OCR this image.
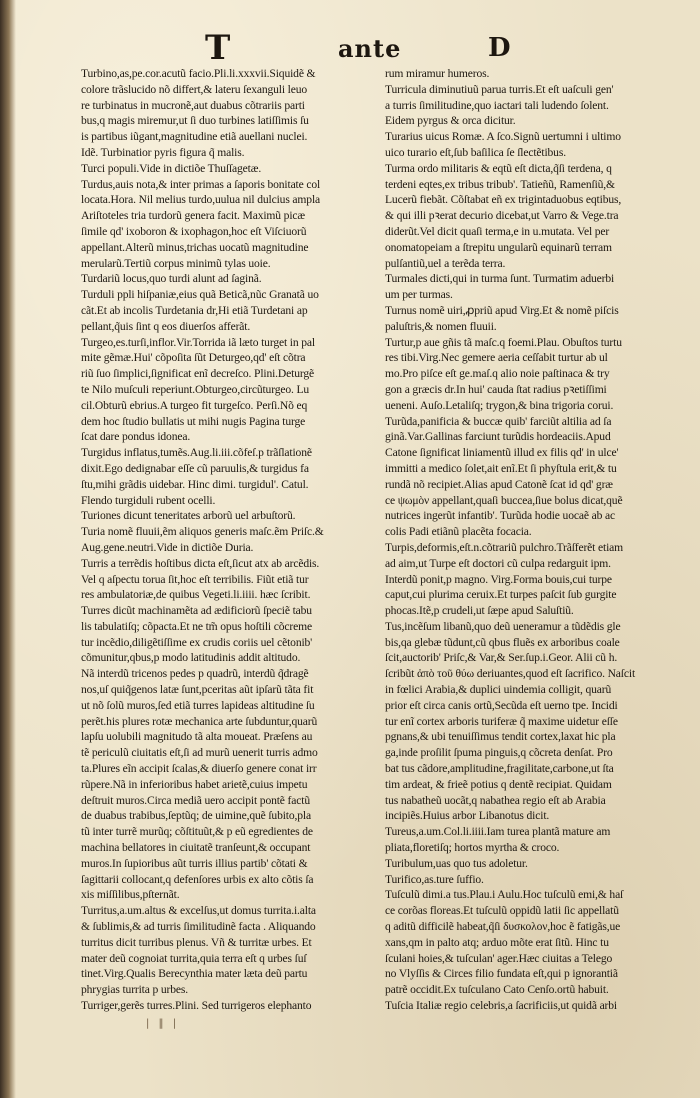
T	ante	D
Turbino,as,pe.cor.acutũ facio.Pli.li.xxxvii.Siquidẽ &
colore trãslucido nõ differt,& lateru ſexanguli leuo
re turbinatus in mucronẽ,aut duabus cõtrariis parti
bus,q magis miremur,ut ſi duo turbines latiſſimis ſu
is partibus iũgant,magnitudine etiã auellani nuclei.
Idẽ. Turbinatior pyris figura q̃ malis.
Turci populi.Vide in dictiõe Thuſſagetæ.
Turdus,auis nota,& inter primas a ſaporis bonitate col
locata.Hora. Nil melius turdo,uulua nil dulcius ampla
Ariſtoteles tria turdorũ genera facit. Maximũ picæ
ſimile qd' ixoboron & ixophagon,hoc eſt Viſciuorũ
appellant.Alterũ minus,trichas uocatũ magnitudine
merularũ.Tertiũ corpus minimũ tylas uoie.
Turdariũ locus,quo turdi alunt ad ſaginã.
Turduli ppli hiſpaniæ,eius quã Beticã,nũc Granatã uo
cãt.Et ab incolis Turdetania dr,Hi etiã Turdetani ap
pellant,q̃uis ſint q eos diuerſos afferãt.
Turgeo,es.turſi,inflor.Vir.Torrida iã læto turget in pal
mite gẽmæ.Hui' cõpoſita ſũt Deturgeo,qd' eſt cõtra
riũ ſuo ſimplici,ſignificat enĩ decreſco. Plini.Deturgẽ
te Nilo muſculi reperiunt.Obturgeo,circũturgeo. Lu
cil.Obturũ ebrius.A turgeo fit turgeſco. Perſi.Nõ eq
dem hoc ſtudio bullatis ut mihi nugis Pagina turge
ſcat dare pondus idonea.
Turgidus inflatus,tumẽs.Aug.li.iii.cõfeſ.p trãſlationẽ
dixit.Ego dedignabar eſſe cũ paruulis,& turgidus fa
ſtu,mihi grãdis uidebar. Hinc dimi. turgidul'. Catul.
Flendo turgiduli rubent ocelli.
Turiones dicunt teneritates arborũ uel arbuſtorũ.
Turia nomẽ fluuii,ẽm aliquos generis maſc.ẽm Priſc.&
Aug.gene.neutri.Vide in dictiõe Duria.
Turris a terrẽdis hoſtibus dicta eſt,ſicut atx ab arcẽdis.
Vel q aſpectu torua ſit,hoc eſt terribilis. Fiũt etiã tur
res ambulatoriæ,de quibus Vegeti.li.iiii. hæc ſcribit.
Turres dicũt machinamẽta ad ædificiorũ ſpeciẽ tabu
lis tabulatiſq; cõpacta.Et ne tm̃ opus hoſtili cõcreme
tur incẽdio,diligẽtiſſime ex crudis coriis uel cẽtonib'
cõmunitur,qbus,p modo latitudinis addit altitudo.
Nã interdũ tricenos pedes p quadrũ, interdũ q̃dragẽ
nos,uſ quiq̃genos latæ ſunt,pceritas aũt ipſarũ tãta fit
ut nõ ſolũ muros,ſed etiã turres lapideas altitudine ſu
perẽt.his plures rotæ mechanica arte ſubduntur,quarũ
lapſu uolubili magnitudo tã alta moueat. Præſens au
tẽ periculũ ciuitatis eſt,ſi ad murũ uenerit turris admo
ta.Plures eĩn accipit ſcalas,& diuerſo genere conat irr
rũpere.Nã in inferioribus habet arietẽ,cuius impetu
deſtruit muros.Circa mediã uero accipit pontẽ factũ
de duabus trabibus,ſeptũq; de uimine,quẽ ſubito,pla
tũ inter turrẽ murũq; cõſtituũt,& p eũ egredientes de
machina bellatores in ciuitatẽ tranſeunt,& occupant
muros.In ſupioribus aũt turris illius partib' cõtati &
ſagittarii collocant,q defenſores urbis ex alto cõtis ſa
xis miſſilibus,pſternãt.
Turritus,a.um.altus & excelſus,ut domus turrita.i.alta
& ſublimis,& ad turris ſimilitudinẽ facta . Aliquando
turritus dicit turribus plenus. Vñ & turritæ urbes. Et
mater deũ cognoiat turrita,quia terra eſt q urbes ſuſ
tinet.Virg.Qualis Berecynthia mater læta deũ partu
phrygias turrita p urbes.
Turriger,gerẽs turres.Plini. Sed turrigeros elephanto
rum miramur humeros.
Turricula diminutiuũ parua turris.Et eſt uaſculi gen'
a turris ſimilitudine,quo iactari tali ludendo ſolent.
Eidem pyrgus & orca dicitur.
Turarius uicus Romæ. A ſco.Signũ uertumni i ultimo
uico turario eſt,ſub baſilica ſe ſlectẽtibus.
Turma ordo militaris & eqtũ eſt dicta,q̃ſi terdena, q
terdeni eqtes,ex tribus tribub'. Tatieñũ, Ramenſiũ,&
Lucerũ fiebãt. Cõſtabat eñ ex trigintaduobus eqtibus,
& qui illi pꝛerat decurio dicebat,ut Varro & Vege.tra
diderũt.Vel dicit quaſi terma,e in u.mutata. Vel per
onomatopeiam a ſtrepitu ungularũ equinarũ terram
pulſantiũ,uel a terẽda terra.
Turmales dicti,qui in turma ſunt. Turmatim aduerbi
um per turmas.
Turnus nomẽ uiri,ꝓpriũ apud Virg.Et & nomẽ piſcis
paluſtris,& nomen fluuii.
Turtur,p aue gñis tã maſc.q foemi.Plau. Obuſtos turtu
res tibi.Virg.Nec gemere aeria ceſſabit turtur ab ul
mo.Pro piſce eſt ge.maſ.q alio noie paſtinaca & try
gon a græcis dr.In hui' cauda ſtat radius pꝛetiſſimi
ueneni. Auſo.Letaliſq; trygon,& bina trigoria corui.
Turũda,panificia & buccæ quib' farciũt altilia ad ſa
ginã.Var.Gallinas farciunt turũdis hordeaciis.Apud
Catone ſignificat liniamentũ illud ex filis qd' in ulce'
immitti a medico ſolet,ait enĩ.Et ſi phyſtula erit,& tu
rundã nõ recipiet.Alias apud Catonẽ ſcat id qd' græ
ce ψωμὸν appellant,quaſi buccea,ſiue bolus dicat,quẽ
nutrices ingerũt infantib'. Turũda hodie uocaẽ ab ac
colis Padi etiãnũ placẽta focacia.
Turpis,deformis,eſt.n.cõtrariũ pulchro.Trãſferẽt etiam
ad aim,ut Turpe eſt doctori cũ culpa redarguit ipm.
Interdũ ponit,p magno. Virg.Forma bouis,cui turpe
caput,cui plurima ceruix.Et turpes paſcit ſub gurgite
phocas.Itẽ,p crudeli,ut ſæpe apud Saluſtiũ.
Tus,incẽſum libanũ,quo deũ ueneramur a tũdẽdis gle
bis,qa glebæ tũdunt,cũ qbus fluẽs ex arboribus coale
ſcit,auctorib' Priſc,& Var,& Ser.ſup.i.Geor. Alii cũ h.
ſcribũt ἀπὸ τοῦ θύω deriuantes,quod eſt ſacrifico. Naſcit
in fœlici Arabia,& duplici uindemia colligit, quarũ
prior eſt circa canis ortũ,Secũda eſt uerno tpe. Incidi
tur enĩ cortex arboris turiferæ q̃ maxime uidetur eſſe
pgnans,& ubi tenuiſſimus tendit cortex,laxat hic pla
ga,inde proſilit ſpuma pinguis,q cõcreta denſat. Pro
bat tus cãdore,amplitudine,fragilitate,carbone,ut ſta
tim ardeat, & frieẽ potius q dentẽ recipiat. Quidam
tus nabatheũ uocãt,q nabathea regio eſt ab Arabia
incipiẽs.Huius arbor Libanotus dicit.
Tureus,a.um.Col.li.iiii.Iam turea plantã mature am
pliata,floretiſq; hortos myrtha & croco.
Turibulum,uas quo tus adoletur.
Turifico,as.ture ſuffio.
Tuſculũ dimi.a tus.Plau.i Aulu.Hoc tuſculũ emi,& haſ
ce corõas floreas.Et tuſculũ oppidũ latii ſic appellatũ
q aditũ difficilẽ habeat,q̃ſi δυσκολον,hoc ẽ fatigãs,ue
xans,qm in palto atq; arduo mõte erat ſitũ. Hinc tu
ſculani hoies,& tuſculan' ager.Hæc ciuitas a Telego
no Vlyſſis & Circes filio fundata eſt,qui p ignorantiã
patrẽ occidit.Ex tuſculano Cato Cenſo.ortũ habuit.
Tuſcia Italiæ regio celebris,a ſacrificiis,ut quidã arbi
| ‖ |
